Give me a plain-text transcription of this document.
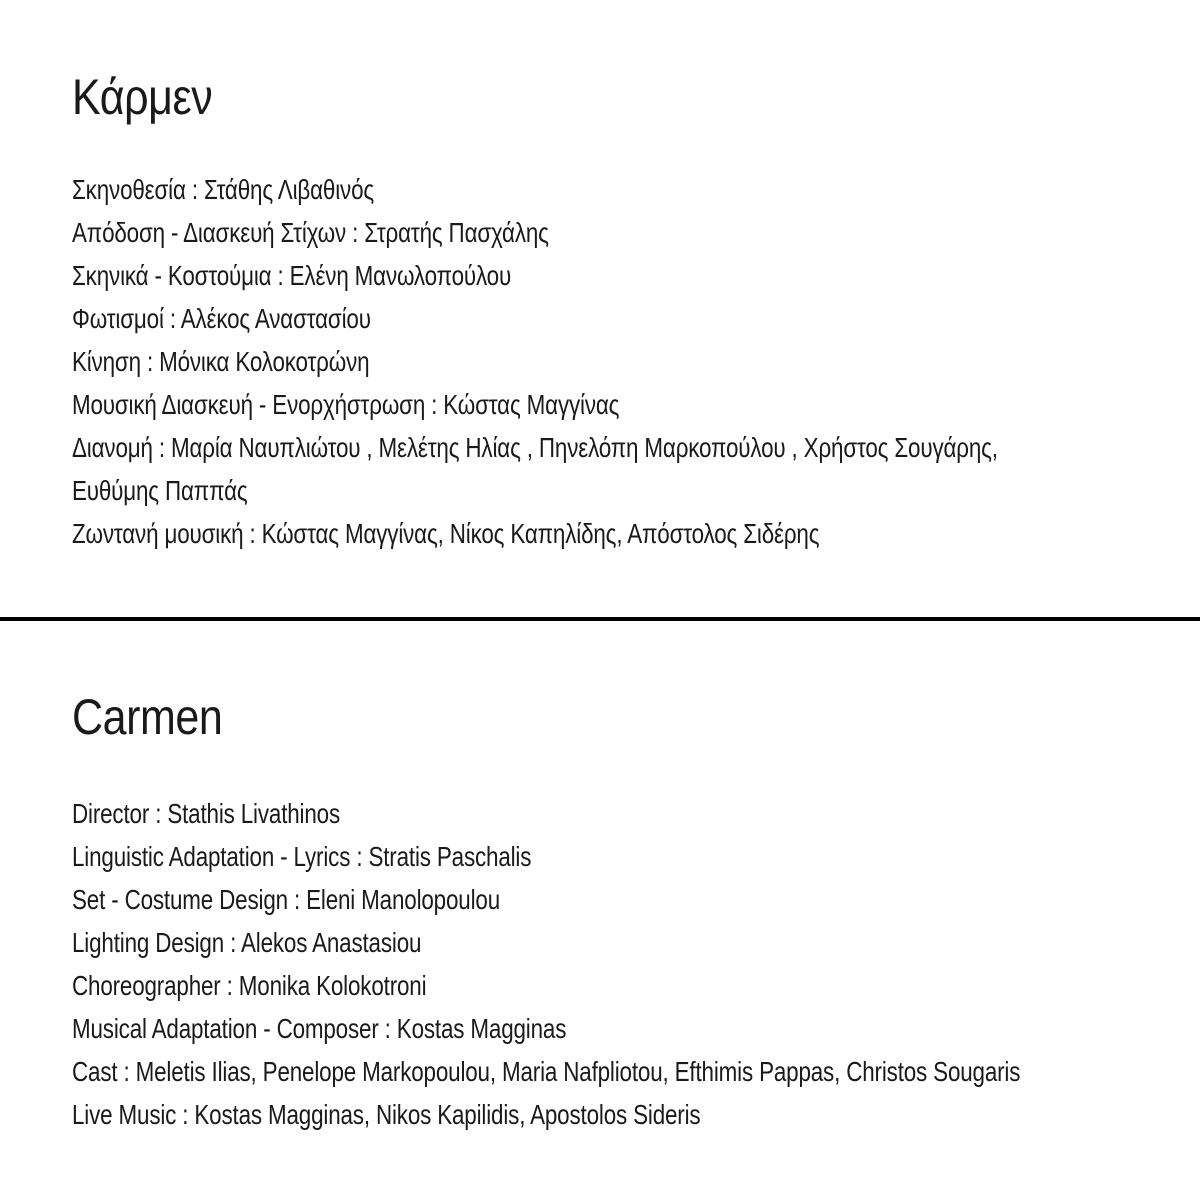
Κάρμεν
Σκηνοθεσία : Στάθης Λιβαθινός
Απόδοση - Διασκευή Στίχων : Στρατής Πασχάλης
Σκηνικά - Κοστούμια : Ελένη Μανωλοπούλου
Φωτισμοί : Αλέκος Αναστασίου
Κίνηση : Μόνικα Κολοκοτρώνη
Μουσική Διασκευή - Ενορχήστρωση : Κώστας Μαγγίνας
Διανομή : Μαρία Ναυπλιώτου , Μελέτης Ηλίας , Πηνελόπη Μαρκοπούλου , Χρήστος Σουγάρης,
Ευθύμης Παππάς
Ζωντανή μουσική : Κώστας Μαγγίνας, Νίκος Καπηλίδης, Απόστολος Σιδέρης
Carmen
Director : Stathis Livathinos
Linguistic Adaptation - Lyrics : Stratis Paschalis
Set - Costume Design : Eleni Manolopoulou
Lighting Design : Alekos Anastasiou
Choreographer : Monika Kolokotroni
Musical Adaptation - Composer : Kostas Magginas
Cast : Meletis Ilias, Penelope Markopoulou, Maria Nafpliotou, Efthimis Pappas, Christos Sougaris
Live Music : Kostas Magginas, Nikos Kapilidis, Apostolos Sideris
